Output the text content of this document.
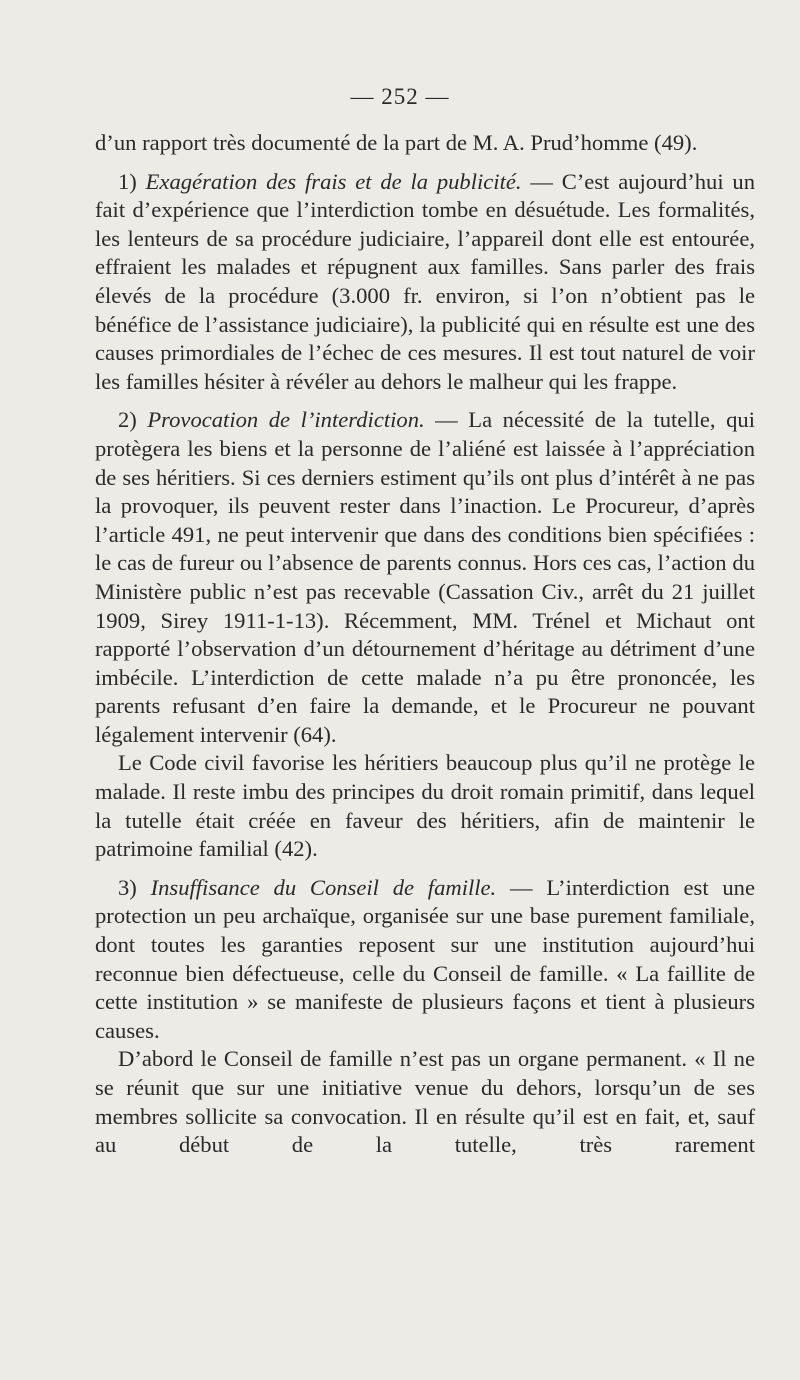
— 252 —

d’un rapport très documenté de la part de M. A. Prud’homme (49).

1) Exagération des frais et de la publicité. — C’est aujourd’hui un fait d’expérience que l’interdiction tombe en désuétude. Les formalités, les lenteurs de sa procédure judiciaire, l’appareil dont elle est entourée, effraient les malades et répugnent aux familles. Sans parler des frais élevés de la procédure (3.000 fr. environ, si l’on n’obtient pas le bénéfice de l’assistance judiciaire), la publicité qui en résulte est une des causes primordiales de l’échec de ces mesures. Il est tout naturel de voir les familles hésiter à révéler au dehors le malheur qui les frappe.

2) Provocation de l’interdiction. — La nécessité de la tutelle, qui protègera les biens et la personne de l’aliéné est laissée à l’appréciation de ses héritiers. Si ces derniers estiment qu’ils ont plus d’intérêt à ne pas la provoquer, ils peuvent rester dans l’inaction. Le Procureur, d’après l’article 491, ne peut intervenir que dans des conditions bien spécifiées : le cas de fureur ou l’absence de parents connus. Hors ces cas, l’action du Ministère public n’est pas recevable (Cassation Civ., arrêt du 21 juillet 1909, Sirey 1911-1-13). Récemment, MM. Trénel et Michaut ont rapporté l’observation d’un détournement d’héritage au détriment d’une imbécile. L’interdiction de cette malade n’a pu être prononcée, les parents refusant d’en faire la demande, et le Procureur ne pouvant légalement intervenir (64).

Le Code civil favorise les héritiers beaucoup plus qu’il ne protège le malade. Il reste imbu des principes du droit romain primitif, dans lequel la tutelle était créée en faveur des héritiers, afin de maintenir le patrimoine familial (42).

3) Insuffisance du Conseil de famille. — L’interdiction est une protection un peu archaïque, organisée sur une base purement familiale, dont toutes les garanties reposent sur une institution aujourd’hui reconnue bien défectueuse, celle du Conseil de famille. « La faillite de cette institution » se manifeste de plusieurs façons et tient à plusieurs causes.

D’abord le Conseil de famille n’est pas un organe permanent. « Il ne se réunit que sur une initiative venue du dehors, lorsqu’un de ses membres sollicite sa convocation. Il en résulte qu’il est en fait, et, sauf au début de la tutelle, très rarement
